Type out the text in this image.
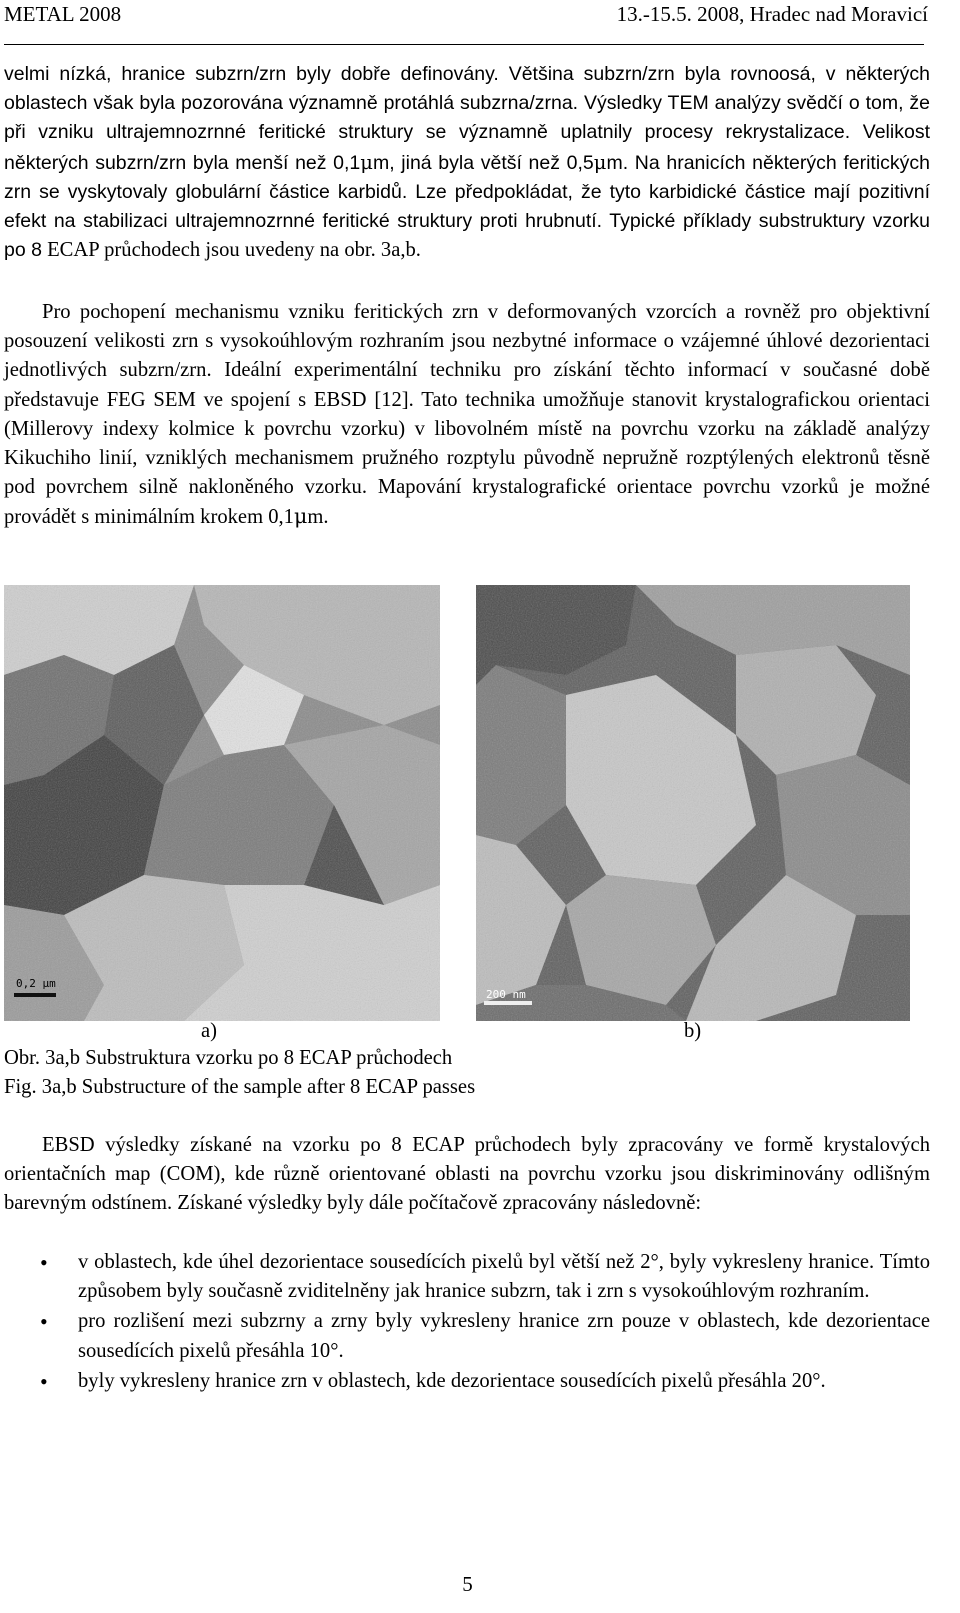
METAL 2008	13.-15.5. 2008, Hradec nad Moravicí

velmi nízká, hranice subzrn/zrn byly dobře definovány. Většina subzrn/zrn byla rovnoosá, v některých oblastech však byla pozorována významně protáhlá subzrna/zrna. Výsledky TEM analýzy svědčí o tom, že při vzniku ultrajemnozrnné feritické struktury se významně uplatnily procesy rekrystalizace. Velikost některých subzrn/zrn byla menší než 0,1μm, jiná byla větší než 0,5μm. Na hranicích některých feritických zrn se vyskytovaly globulární částice karbidů. Lze předpokládat, že tyto karbidické částice mají pozitivní efekt na stabilizaci ultrajemnozrnné feritické struktury proti hrubnutí. Typické příklady substruktury vzorku po 8 ECAP průchodech jsou uvedeny na obr. 3a,b.

Pro pochopení mechanismu vzniku feritických zrn v deformovaných vzorcích a rovněž pro objektivní posouzení velikosti zrn s vysokoúhlovým rozhraním jsou nezbytné informace o vzájemné úhlové dezorientaci jednotlivých subzrn/zrn. Ideální experimentální techniku pro získání těchto informací v současné době představuje FEG SEM ve spojení s EBSD [12]. Tato technika umožňuje stanovit krystalografickou orientaci (Millerovy indexy kolmice k povrchu vzorku) v libovolném místě na povrchu vzorku na základě analýzy Kikuchiho linií, vzniklých mechanismem pružného rozptylu původně nepružně rozptýlených elektronů těsně pod povrchem silně nakloněného vzorku. Mapování krystalografické orientace povrchu vzorků je možné provádět s minimálním krokem 0,1μm.

0,2 μm
200 nm
a)	b)
Obr. 3a,b Substruktura vzorku po 8 ECAP průchodech
Fig. 3a,b Substructure of the sample after 8 ECAP passes

EBSD výsledky získané na vzorku po 8 ECAP průchodech byly zpracovány ve formě krystalových orientačních map (COM), kde různě orientované oblasti na povrchu vzorku jsou diskriminovány odlišným barevným odstínem. Získané výsledky byly dále počítačově zpracovány následovně:

• v oblastech, kde úhel dezorientace sousedících pixelů byl větší než 2°, byly vykresleny hranice. Tímto způsobem byly současně zviditelněny jak hranice subzrn, tak i zrn s vysokoúhlovým rozhraním.
• pro rozlišení mezi subzrny a zrny byly vykresleny hranice zrn pouze v oblastech, kde dezorientace sousedících pixelů přesáhla 10°.
• byly vykresleny hranice zrn v oblastech, kde dezorientace sousedících pixelů přesáhla 20°.
5
